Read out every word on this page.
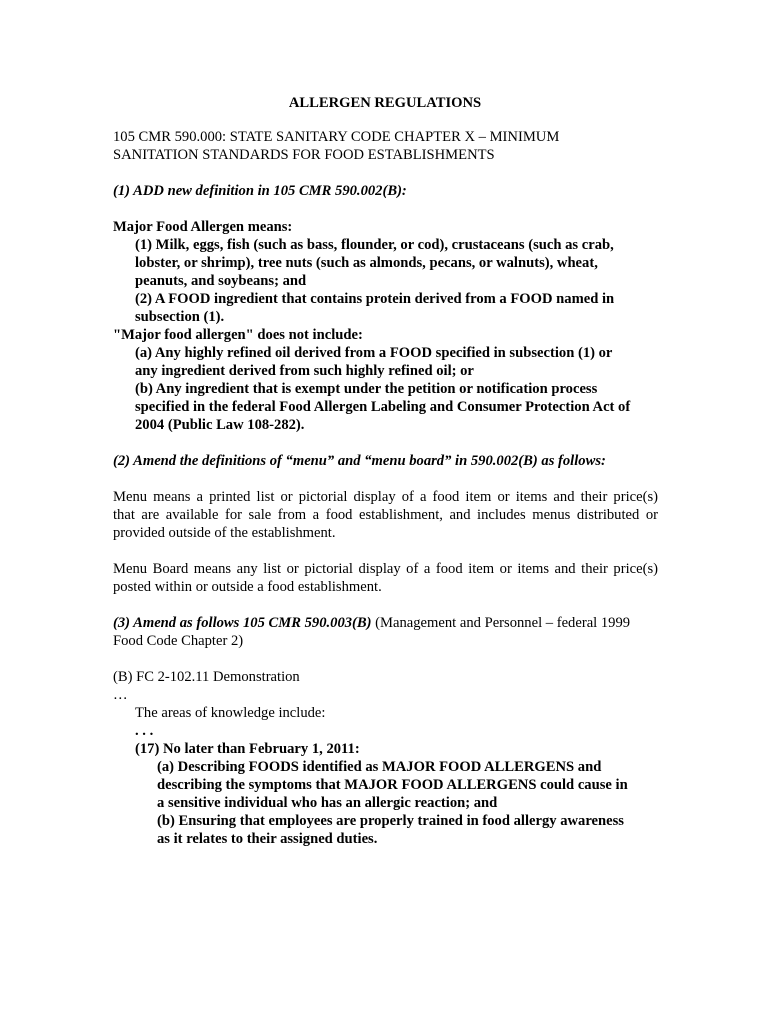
ALLERGEN REGULATIONS
105 CMR 590.000: STATE SANITARY CODE CHAPTER X – MINIMUM
SANITATION STANDARDS FOR FOOD ESTABLISHMENTS
(1) ADD new definition in 105 CMR 590.002(B):
Major Food Allergen means:
(1) Milk, eggs, fish (such as bass, flounder, or cod), crustaceans (such as crab,
lobster, or shrimp), tree nuts (such as almonds, pecans, or walnuts), wheat,
peanuts, and soybeans; and
(2) A FOOD ingredient that contains protein derived from a FOOD named in
subsection (1).
"Major food allergen" does not include:
(a) Any highly refined oil derived from a FOOD specified in subsection (1) or
any ingredient derived from such highly refined oil; or
(b) Any ingredient that is exempt under the petition or notification process
specified in the federal Food Allergen Labeling and Consumer Protection Act of
2004 (Public Law 108-282).
(2) Amend the definitions of “menu” and “menu board” in 590.002(B) as follows:
Menu means a printed list or pictorial display of a food item or items and their price(s)
that are available for sale from a food establishment, and includes menus distributed or
provided outside of the establishment.
Menu Board means any list or pictorial display of a food item or items and their price(s)
posted within or outside a food establishment.
(3) Amend as follows 105 CMR 590.003(B) (Management and Personnel – federal 1999
Food Code Chapter 2)
(B) FC 2-102.11 Demonstration
…
The areas of knowledge include:
. . .
(17) No later than February 1, 2011:
(a) Describing FOODS identified as MAJOR FOOD ALLERGENS and
describing the symptoms that MAJOR FOOD ALLERGENS could cause in
a sensitive individual who has an allergic reaction; and
(b) Ensuring that employees are properly trained in food allergy awareness
as it relates to their assigned duties.
